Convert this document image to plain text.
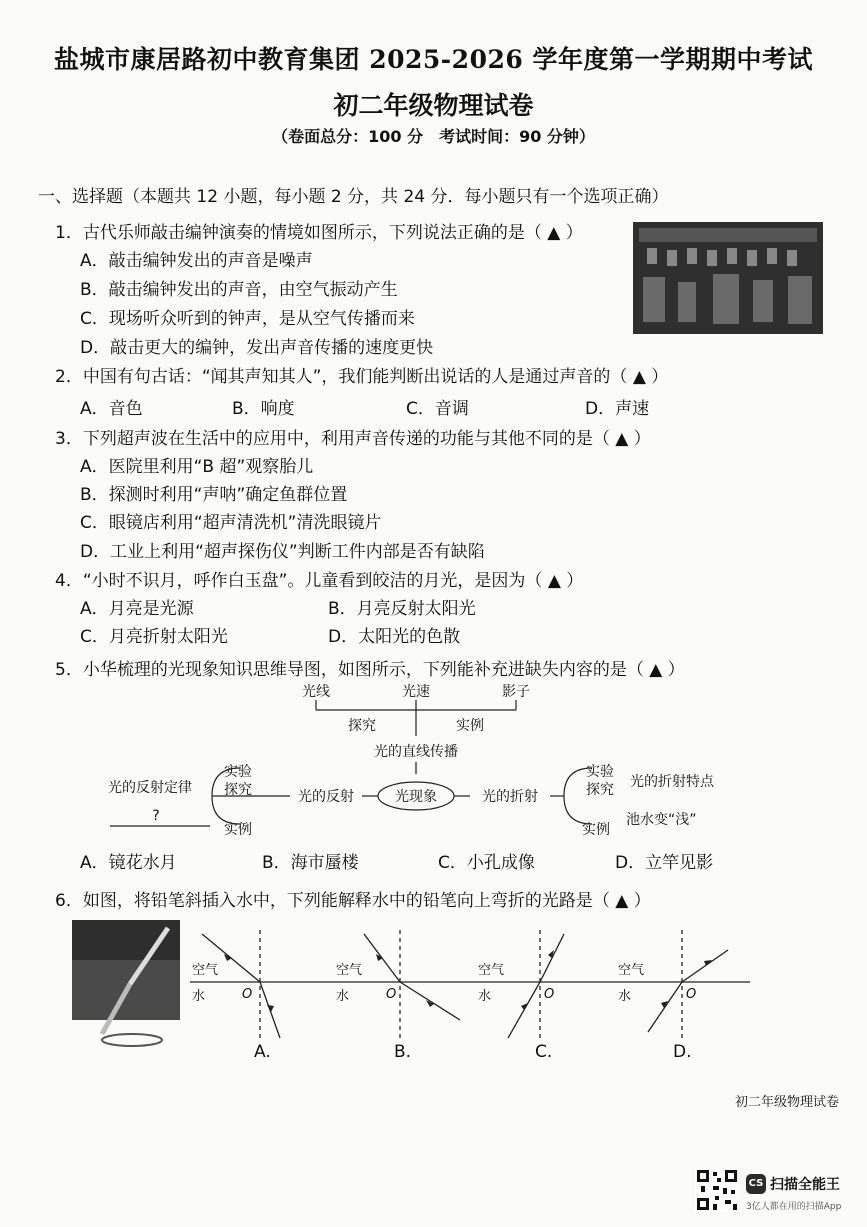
盐城市康居路初中教育集团 2025-2026 学年度第一学期期中考试
初二年级物理试卷
（卷面总分：100 分　考试时间：90 分钟）
一、选择题（本题共 12 小题，每小题 2 分，共 24 分．每小题只有一个选项正确）
1．古代乐师敲击编钟演奏的情境如图所示，下列说法正确的是（ ▲ ）
A．敲击编钟发出的声音是噪声
B．敲击编钟发出的声音，由空气振动产生
C．现场听众听到的钟声，是从空气传播而来
D．敲击更大的编钟，发出声音传播的速度更快
2．中国有句古话：“闻其声知其人”，我们能判断出说话的人是通过声音的（ ▲ ）
A．音色	B．响度	C．音调	D．声速
3．下列超声波在生活中的应用中，利用声音传递的功能与其他不同的是（ ▲ ）
A．医院里利用“B 超”观察胎儿
B．探测时利用“声呐”确定鱼群位置
C．眼镜店利用“超声清洗机”清洗眼镜片
D．工业上利用“超声探伤仪”判断工件内部是否有缺陷
4．“小时不识月，呼作白玉盘”。儿童看到皎洁的月光，是因为（ ▲ ）
A．月亮是光源	B．月亮反射太阳光
C．月亮折射太阳光	D．太阳光的色散
5．小华梳理的光现象知识思维导图，如图所示，下列能补充进缺失内容的是（ ▲ ）
光线	光速	影子
探究	实例
光的直线传播
光现象
光的反射	光的折射
实验
探究
实例
光的反射定律
?
实验
探究
实例
光的折射特点
池水变“浅”
A．镜花水月	B．海市蜃楼	C．小孔成像	D．立竿见影
6．如图，将铅笔斜插入水中，下列能解释水中的铅笔向上弯折的光路是（ ▲ ）
空气
水	O
空气
水	O
空气
水	O
空气
水	O
A.	B.	C.	D.
初二年级物理试卷
CS 扫描全能王
3亿人都在用的扫描App
